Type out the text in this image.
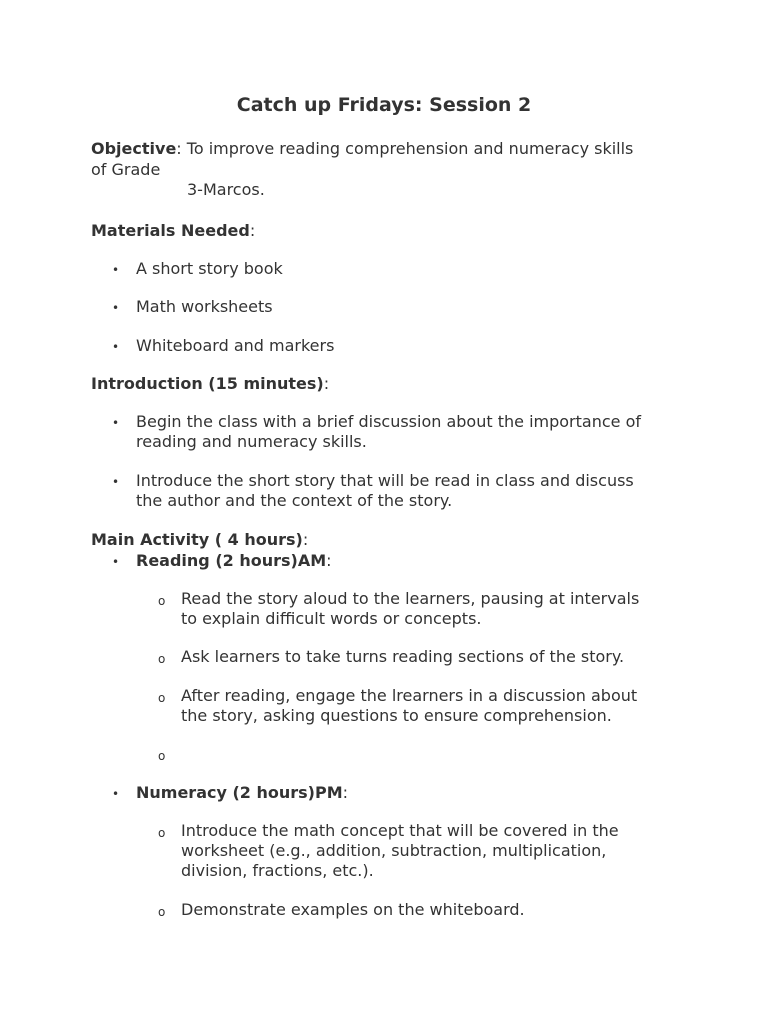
Catch up Fridays: Session 2
Objective: To improve reading comprehension and numeracy skills
of Grade
3-Marcos.
Materials Needed:
• A short story book
• Math worksheets
• Whiteboard and markers
Introduction (15 minutes):
• Begin the class with a brief discussion about the importance of
reading and numeracy skills.
• Introduce the short story that will be read in class and discuss
the author and the context of the story.
Main Activity ( 4 hours):
• Reading (2 hours)AM:
o Read the story aloud to the learners, pausing at intervals
to explain difficult words or concepts.
o Ask learners to take turns reading sections of the story.
o After reading, engage the lrearners in a discussion about
the story, asking questions to ensure comprehension.
o
• Numeracy (2 hours)PM:
o Introduce the math concept that will be covered in the
worksheet (e.g., addition, subtraction, multiplication,
division, fractions, etc.).
o Demonstrate examples on the whiteboard.
